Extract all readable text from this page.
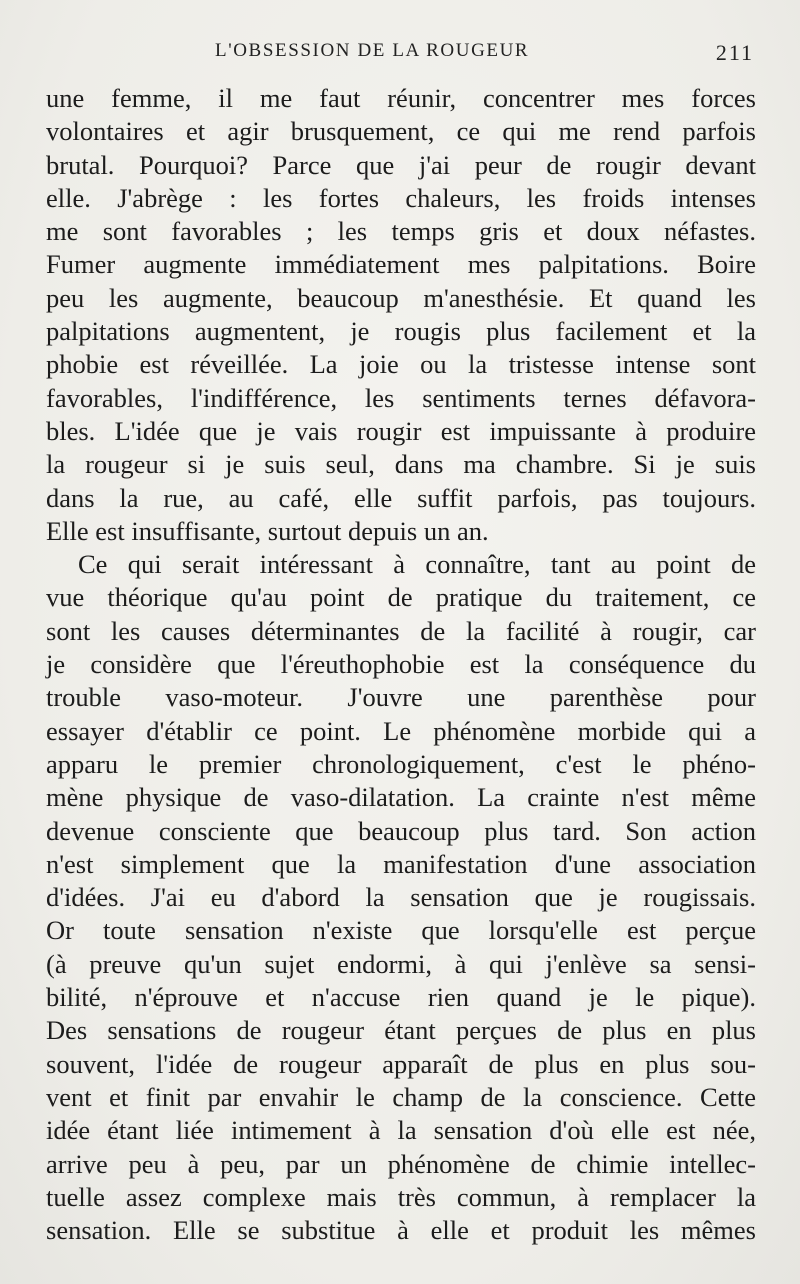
L'OBSESSION DE LA ROUGEUR	211
une femme, il me faut réunir, concentrer mes forces
volontaires et agir brusquement, ce qui me rend parfois
brutal. Pourquoi? Parce que j'ai peur de rougir devant
elle. J'abrège : les fortes chaleurs, les froids intenses
me sont favorables ; les temps gris et doux néfastes.
Fumer augmente immédiatement mes palpitations. Boire
peu les augmente, beaucoup m'anesthésie. Et quand les
palpitations augmentent, je rougis plus facilement et la
phobie est réveillée. La joie ou la tristesse intense sont
favorables, l'indifférence, les sentiments ternes défavora-
bles. L'idée que je vais rougir est impuissante à produire
la rougeur si je suis seul, dans ma chambre. Si je suis
dans la rue, au café, elle suffit parfois, pas toujours.
Elle est insuffisante, surtout depuis un an.
Ce qui serait intéressant à connaître, tant au point de
vue théorique qu'au point de pratique du traitement, ce
sont les causes déterminantes de la facilité à rougir, car
je considère que l'éreuthophobie est la conséquence du
trouble vaso-moteur. J'ouvre une parenthèse pour
essayer d'établir ce point. Le phénomène morbide qui a
apparu le premier chronologiquement, c'est le phéno-
mène physique de vaso-dilatation. La crainte n'est même
devenue consciente que beaucoup plus tard. Son action
n'est simplement que la manifestation d'une association
d'idées. J'ai eu d'abord la sensation que je rougissais.
Or toute sensation n'existe que lorsqu'elle est perçue
(à preuve qu'un sujet endormi, à qui j'enlève sa sensi-
bilité, n'éprouve et n'accuse rien quand je le pique).
Des sensations de rougeur étant perçues de plus en plus
souvent, l'idée de rougeur apparaît de plus en plus sou-
vent et finit par envahir le champ de la conscience. Cette
idée étant liée intimement à la sensation d'où elle est née,
arrive peu à peu, par un phénomène de chimie intellec-
tuelle assez complexe mais très commun, à remplacer la
sensation. Elle se substitue à elle et produit les mêmes
